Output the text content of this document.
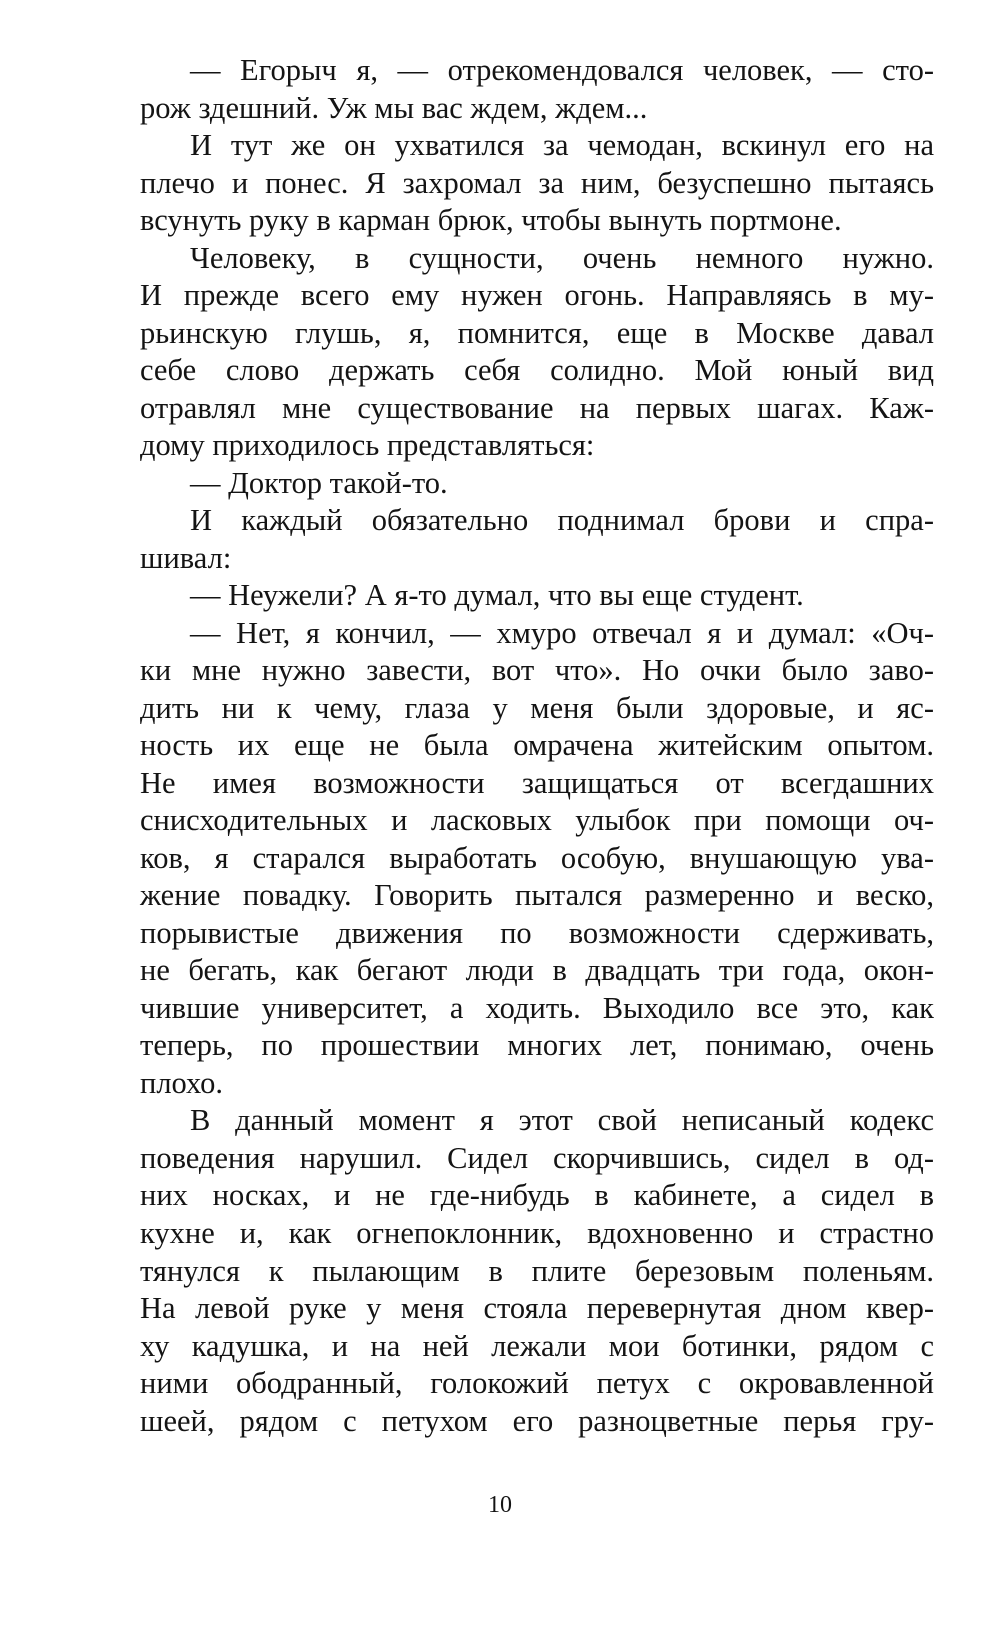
— Егорыч я, — отрекомендовался человек, — сто-
рож здешний. Уж мы вас ждем, ждем...
И тут же он ухватился за чемодан, вскинул его на
плечо и понес. Я захромал за ним, безуспешно пытаясь
всунуть руку в карман брюк, чтобы вынуть портмоне.
Человеку, в сущности, очень немного нужно.
И прежде всего ему нужен огонь. Направляясь в му-
рьинскую глушь, я, помнится, еще в Москве давал
себе слово держать себя солидно. Мой юный вид
отравлял мне существование на первых шагах. Каж-
дому приходилось представляться:
— Доктор такой-то.
И каждый обязательно поднимал брови и спра-
шивал:
— Неужели? А я-то думал, что вы еще студент.
— Нет, я кончил, — хмуро отвечал я и думал: «Оч-
ки мне нужно завести, вот что». Но очки было заво-
дить ни к чему, глаза у меня были здоровые, и яс-
ность их еще не была омрачена житейским опытом.
Не имея возможности защищаться от всегдашних
снисходительных и ласковых улыбок при помощи оч-
ков, я старался выработать особую, внушающую ува-
жение повадку. Говорить пытался размеренно и веско,
порывистые движения по возможности сдерживать,
не бегать, как бегают люди в двадцать три года, окон-
чившие университет, а ходить. Выходило все это, как
теперь, по прошествии многих лет, понимаю, очень
плохо.
В данный момент я этот свой неписаный кодекс
поведения нарушил. Сидел скорчившись, сидел в од-
них носках, и не где-нибудь в кабинете, а сидел в
кухне и, как огнепоклонник, вдохновенно и страстно
тянулся к пылающим в плите березовым поленьям.
На левой руке у меня стояла перевернутая дном квер-
ху кадушка, и на ней лежали мои ботинки, рядом с
ними ободранный, голокожий петух с окровавленной
шеей, рядом с петухом его разноцветные перья гру-
10
